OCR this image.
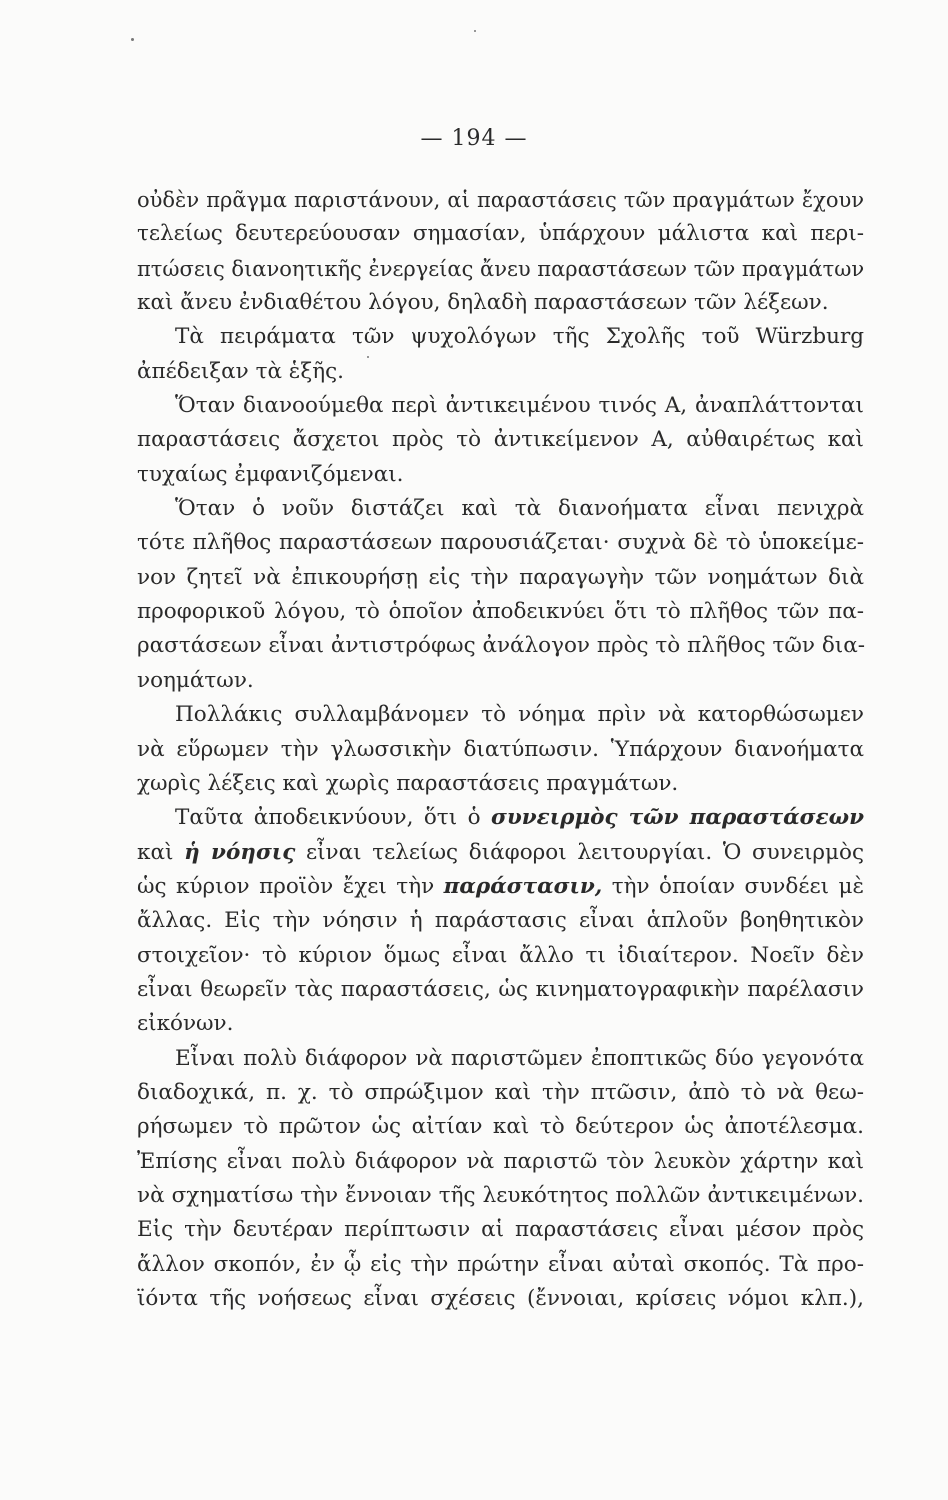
— 194 —
οὐδὲν πρᾶγμα παριστάνουν, αἱ παραστάσεις τῶν πραγμάτων ἔχουν
τελείως δευτερεύουσαν σημασίαν, ὑπάρχουν μάλιστα καὶ περι-
πτώσεις διανοητικῆς ἐνεργείας ἄνευ παραστάσεων τῶν πραγμάτων
καὶ ἄνευ ἐνδιαθέτου λόγου, δηλαδὴ παραστάσεων τῶν λέξεων.
Τὰ πειράματα τῶν ψυχολόγων τῆς Σχολῆς τοῦ Würzburg
ἀπέδειξαν τὰ ἑξῆς.
Ὅταν διανοούμεθα περὶ ἀντικειμένου τινός Α, ἀναπλάττονται
παραστάσεις ἄσχετοι πρὸς τὸ ἀντικείμενον Α, αὐθαιρέτως καὶ
τυχαίως ἐμφανιζόμεναι.
Ὅταν ὁ νοῦν διστάζει καὶ τὰ διανοήματα εἶναι πενιχρὰ
τότε πλῆθος παραστάσεων παρουσιάζεται· συχνὰ δὲ τὸ ὑποκείμε-
νον ζητεῖ νὰ ἐπικουρήσῃ εἰς τὴν παραγωγὴν τῶν νοημάτων διὰ
προφορικοῦ λόγου, τὸ ὁποῖον ἀποδεικνύει ὅτι τὸ πλῆθος τῶν πα-
ραστάσεων εἶναι ἀντιστρόφως ἀνάλογον πρὸς τὸ πλῆθος τῶν δια-
νοημάτων.
Πολλάκις συλλαμβάνομεν τὸ νόημα πρὶν νὰ κατορθώσωμεν
νὰ εὕρωμεν τὴν γλωσσικὴν διατύπωσιν. Ὑπάρχουν διανοήματα
χωρὶς λέξεις καὶ χωρὶς παραστάσεις πραγμάτων.
Ταῦτα ἀποδεικνύουν, ὅτι ὁ συνειρμὸς τῶν παραστάσεων
καὶ ἡ νόησις εἶναι τελείως διάφοροι λειτουργίαι. Ὁ συνειρμὸς
ὡς κύριον προϊὸν ἔχει τὴν παράστασιν, τὴν ὁποίαν συνδέει μὲ
ἄλλας. Εἰς τὴν νόησιν ἡ παράστασις εἶναι ἁπλοῦν βοηθητικὸν
στοιχεῖον· τὸ κύριον ὅμως εἶναι ἄλλο τι ἰδιαίτερον. Νοεῖν δὲν
εἶναι θεωρεῖν τὰς παραστάσεις, ὡς κινηματογραφικὴν παρέλασιν
εἰκόνων.
Εἶναι πολὺ διάφορον νὰ παριστῶμεν ἐποπτικῶς δύο γεγονότα
διαδοχικά, π. χ. τὸ σπρώξιμον καὶ τὴν πτῶσιν, ἀπὸ τὸ νὰ θεω-
ρήσωμεν τὸ πρῶτον ὡς αἰτίαν καὶ τὸ δεύτερον ὡς ἀποτέλεσμα.
Ἐπίσης εἶναι πολὺ διάφορον νὰ παριστῶ τὸν λευκὸν χάρτην καὶ
νὰ σχηματίσω τὴν ἔννοιαν τῆς λευκότητος πολλῶν ἀντικειμένων.
Εἰς τὴν δευτέραν περίπτωσιν αἱ παραστάσεις εἶναι μέσον πρὸς
ἄλλον σκοπόν, ἐν ᾧ εἰς τὴν πρώτην εἶναι αὐταὶ σκοπός. Τὰ προ-
ϊόντα τῆς νοήσεως εἶναι σχέσεις (ἔννοιαι, κρίσεις νόμοι κλπ.),
